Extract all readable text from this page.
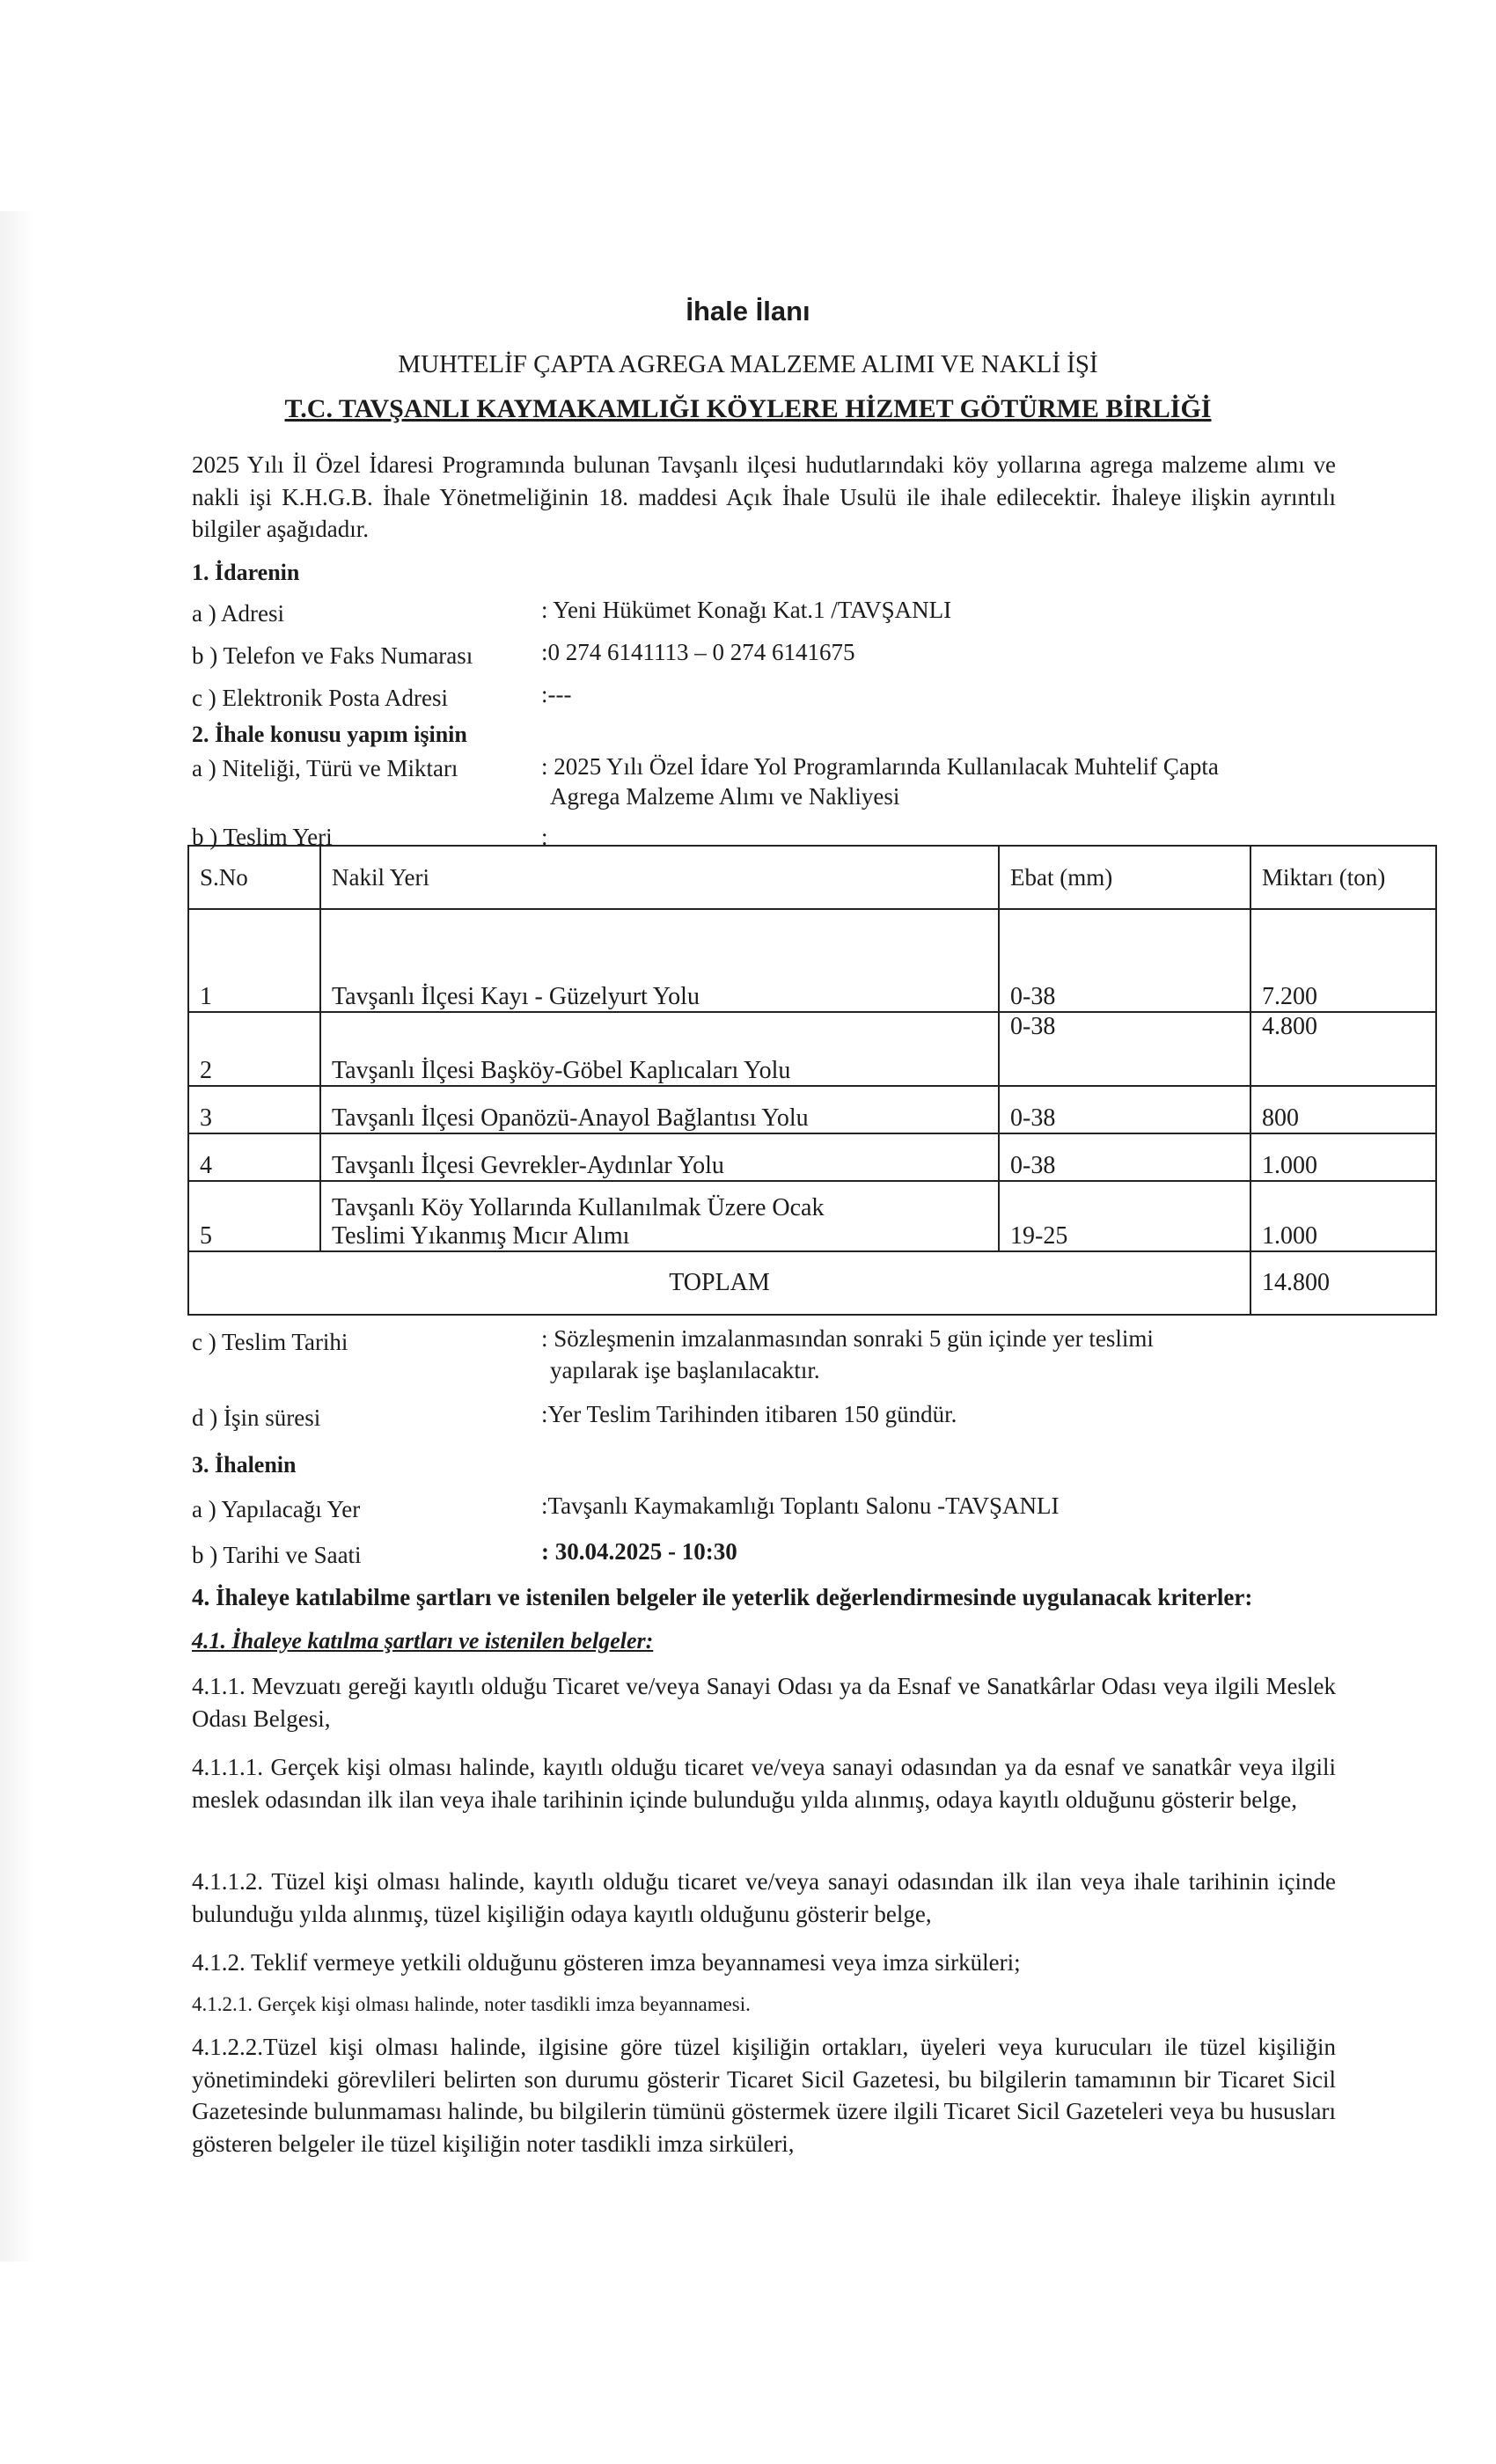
İhale İlanı
MUHTELİF ÇAPTA AGREGA MALZEME ALIMI VE NAKLİ İŞİ
T.C. TAVŞANLI KAYMAKAMLIĞI KÖYLERE HİZMET GÖTÜRME BİRLİĞİ
2025 Yılı İl Özel İdaresi Programında bulunan Tavşanlı ilçesi hudutlarındaki köy yollarına agrega malzeme alımı ve nakli işi K.H.G.B. İhale Yönetmeliğinin 18. maddesi Açık İhale Usulü ile ihale edilecektir. İhaleye ilişkin ayrıntılı bilgiler aşağıdadır.
1. İdarenin
a ) Adresi	: Yeni Hükümet Konağı Kat.1 /TAVŞANLI
b ) Telefon ve Faks Numarası	:0 274 6141113 – 0 274 6141675
c ) Elektronik Posta Adresi	:---
2. İhale konusu yapım işinin
a ) Niteliği, Türü ve Miktarı	: 2025 Yılı Özel İdare Yol Programlarında Kullanılacak Muhtelif Çapta
Agrega Malzeme Alımı ve Nakliyesi
b ) Teslim Yeri	:
S.No	Nakil Yeri	Ebat (mm)	Miktarı (ton)
1	Tavşanlı İlçesi Kayı - Güzelyurt Yolu	0-38	7.200
2	Tavşanlı İlçesi Başköy-Göbel Kaplıcaları Yolu	0-38	4.800
3	Tavşanlı İlçesi Opanözü-Anayol Bağlantısı Yolu	0-38	800
4	Tavşanlı İlçesi Gevrekler-Aydınlar Yolu	0-38	1.000
5	Tavşanlı Köy Yollarında Kullanılmak Üzere Ocak
Teslimi Yıkanmış Mıcır Alımı	19-25	1.000
TOPLAM			14.800
c ) Teslim Tarihi	: Sözleşmenin imzalanmasından sonraki 5 gün içinde yer teslimi
yapılarak işe başlanılacaktır.
d ) İşin süresi	:Yer Teslim Tarihinden itibaren 150 gündür.
3. İhalenin
a ) Yapılacağı Yer	:Tavşanlı Kaymakamlığı Toplantı Salonu -TAVŞANLI
b ) Tarihi ve Saati	: 30.04.2025 - 10:30
4. İhaleye katılabilme şartları ve istenilen belgeler ile yeterlik değerlendirmesinde uygulanacak kriterler:
4.1. İhaleye katılma şartları ve istenilen belgeler:
4.1.1. Mevzuatı gereği kayıtlı olduğu Ticaret ve/veya Sanayi Odası ya da Esnaf ve Sanatkârlar Odası veya ilgili Meslek Odası Belgesi,
4.1.1.1. Gerçek kişi olması halinde, kayıtlı olduğu ticaret ve/veya sanayi odasından ya da esnaf ve sanatkâr veya ilgili meslek odasından ilk ilan veya ihale tarihinin içinde bulunduğu yılda alınmış, odaya kayıtlı olduğunu gösterir belge,
4.1.1.2. Tüzel kişi olması halinde, kayıtlı olduğu ticaret ve/veya sanayi odasından ilk ilan veya ihale tarihinin içinde bulunduğu yılda alınmış, tüzel kişiliğin odaya kayıtlı olduğunu gösterir belge,
4.1.2. Teklif vermeye yetkili olduğunu gösteren imza beyannamesi veya imza sirküleri;
4.1.2.1. Gerçek kişi olması halinde, noter tasdikli imza beyannamesi.
4.1.2.2.Tüzel kişi olması halinde, ilgisine göre tüzel kişiliğin ortakları, üyeleri veya kurucuları ile tüzel kişiliğin yönetimindeki görevlileri belirten son durumu gösterir Ticaret Sicil Gazetesi, bu bilgilerin tamamının bir Ticaret Sicil Gazetesinde bulunmaması halinde, bu bilgilerin tümünü göstermek üzere ilgili Ticaret Sicil Gazeteleri veya bu hususları gösteren belgeler ile tüzel kişiliğin noter tasdikli imza sirküleri,
